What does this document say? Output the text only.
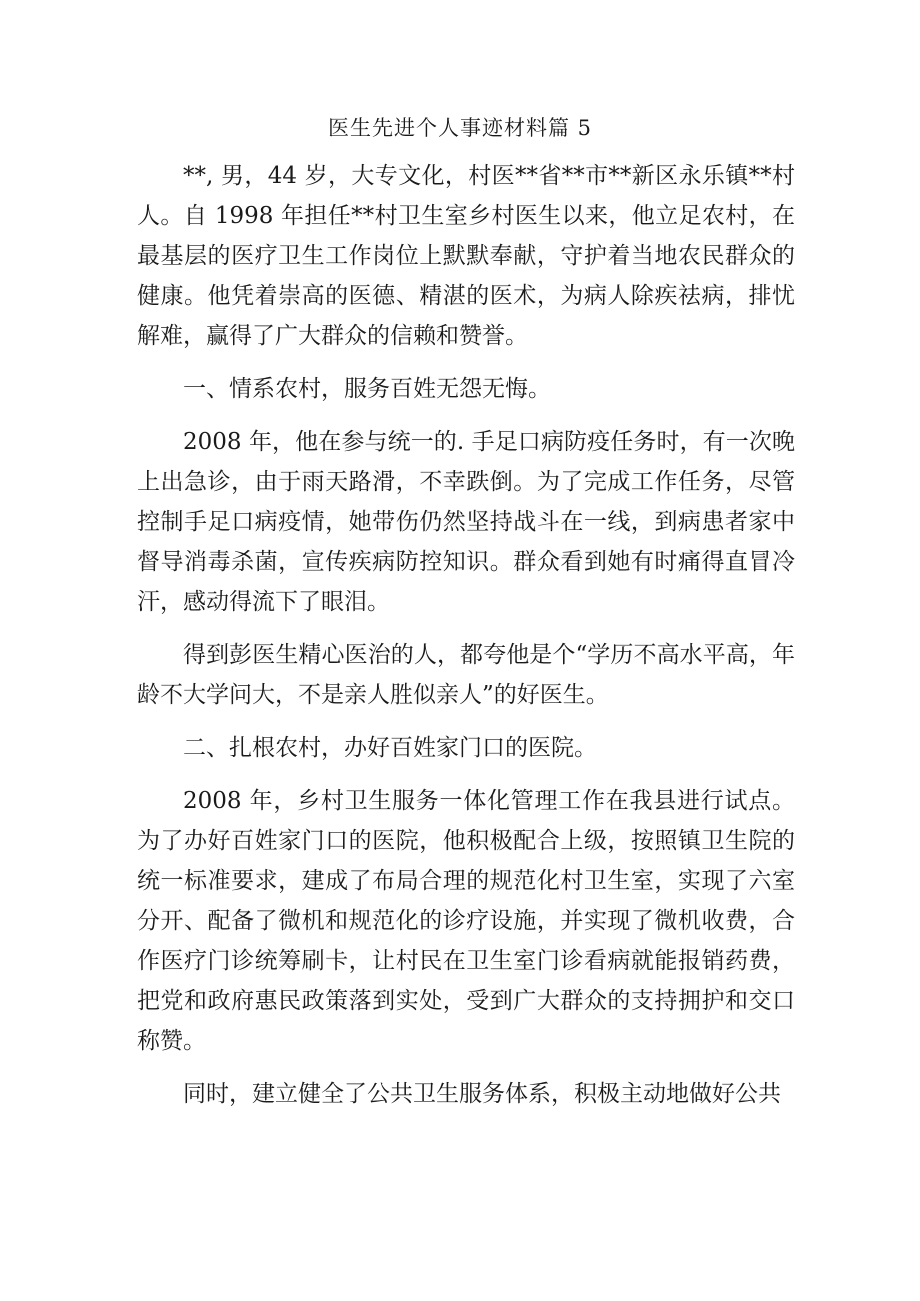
医生先进个人事迹材料篇 5

**, 男，44 岁，大专文化，村医**省**市**新区永乐镇**村人。自 1998 年担任**村卫生室乡村医生以来，他立足农村，在最基层的医疗卫生工作岗位上默默奉献，守护着当地农民群众的健康。他凭着崇高的医德、精湛的医术，为病人除疾祛病，排忧解难，赢得了广大群众的信赖和赞誉。

一、情系农村，服务百姓无怨无悔。

2008 年，他在参与统一的. 手足口病防疫任务时，有一次晚上出急诊，由于雨天路滑，不幸跌倒。为了完成工作任务，尽管控制手足口病疫情，她带伤仍然坚持战斗在一线，到病患者家中督导消毒杀菌，宣传疾病防控知识。群众看到她有时痛得直冒冷汗，感动得流下了眼泪。

得到彭医生精心医治的人，都夸他是个“学历不高水平高，年龄不大学问大，不是亲人胜似亲人”的好医生。

二、扎根农村，办好百姓家门口的医院。

2008 年，乡村卫生服务一体化管理工作在我县进行试点。为了办好百姓家门口的医院，他积极配合上级，按照镇卫生院的统一标准要求，建成了布局合理的规范化村卫生室，实现了六室分开、配备了微机和规范化的诊疗设施，并实现了微机收费，合作医疗门诊统筹刷卡，让村民在卫生室门诊看病就能报销药费，把党和政府惠民政策落到实处，受到广大群众的支持拥护和交口称赞。

同时，建立健全了公共卫生服务体系，积极主动地做好公共
